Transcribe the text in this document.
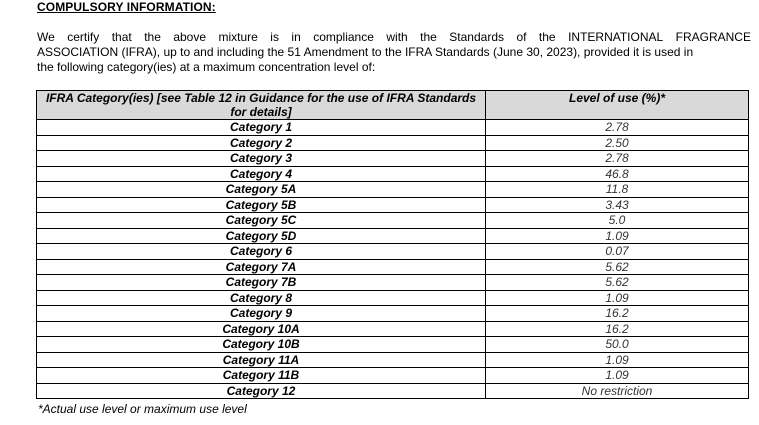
COMPULSORY INFORMATION:
We certify that the above mixture is in compliance with the Standards of the INTERNATIONAL FRAGRANCE
ASSOCIATION (IFRA), up to and including the 51 Amendment to the IFRA Standards (June 30, 2023), provided it is used in
the following category(ies) at a maximum concentration level of:
IFRA Category(ies) [see Table 12 in Guidance for the use of IFRA Standards for details]	Level of use (%)*
Category 1	2.78
Category 2	2.50
Category 3	2.78
Category 4	46.8
Category 5A	11.8
Category 5B	3.43
Category 5C	5.0
Category 5D	1.09
Category 6	0.07
Category 7A	5.62
Category 7B	5.62
Category 8	1.09
Category 9	16.2
Category 10A	16.2
Category 10B	50.0
Category 11A	1.09
Category 11B	1.09
Category 12	No restriction
*Actual use level or maximum use level
